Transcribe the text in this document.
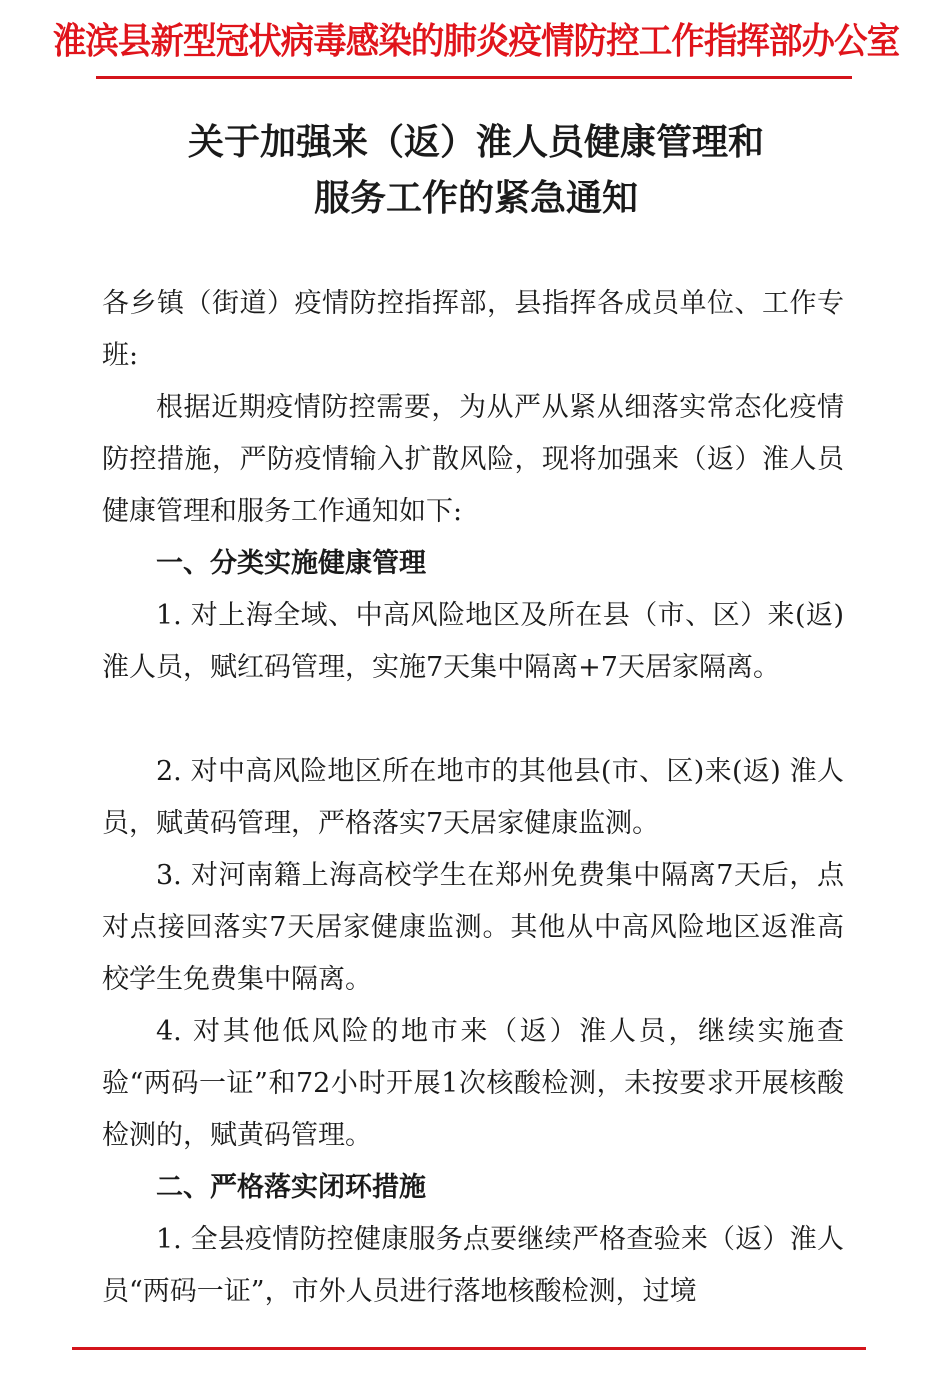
淮滨县新型冠状病毒感染的肺炎疫情防控工作指挥部办公室
关于加强来（返）淮人员健康管理和
服务工作的紧急通知

各乡镇（街道）疫情防控指挥部，县指挥各成员单位、工作专班:

根据近期疫情防控需要，为从严从紧从细落实常态化疫情防控措施，严防疫情输入扩散风险，现将加强来（返）淮人员健康管理和服务工作通知如下:

一、分类实施健康管理

1. 对上海全域、中高风险地区及所在县（市、区）来(返) 淮人员，赋红码管理，实施7天集中隔离+7天居家隔离。

2. 对中高风险地区所在地市的其他县(市、区)来(返) 淮人员，赋黄码管理，严格落实7天居家健康监测。

3. 对河南籍上海高校学生在郑州免费集中隔离7天后，点对点接回落实7天居家健康监测。其他从中高风险地区返淮高校学生免费集中隔离。

4. 对其他低风险的地市来（返）淮人员，继续实施查验“两码一证”和72小时开展1次核酸检测，未按要求开展核酸检测的，赋黄码管理。

二、严格落实闭环措施

1. 全县疫情防控健康服务点要继续严格查验来（返）淮人员“两码一证”，市外人员进行落地核酸检测，过境
